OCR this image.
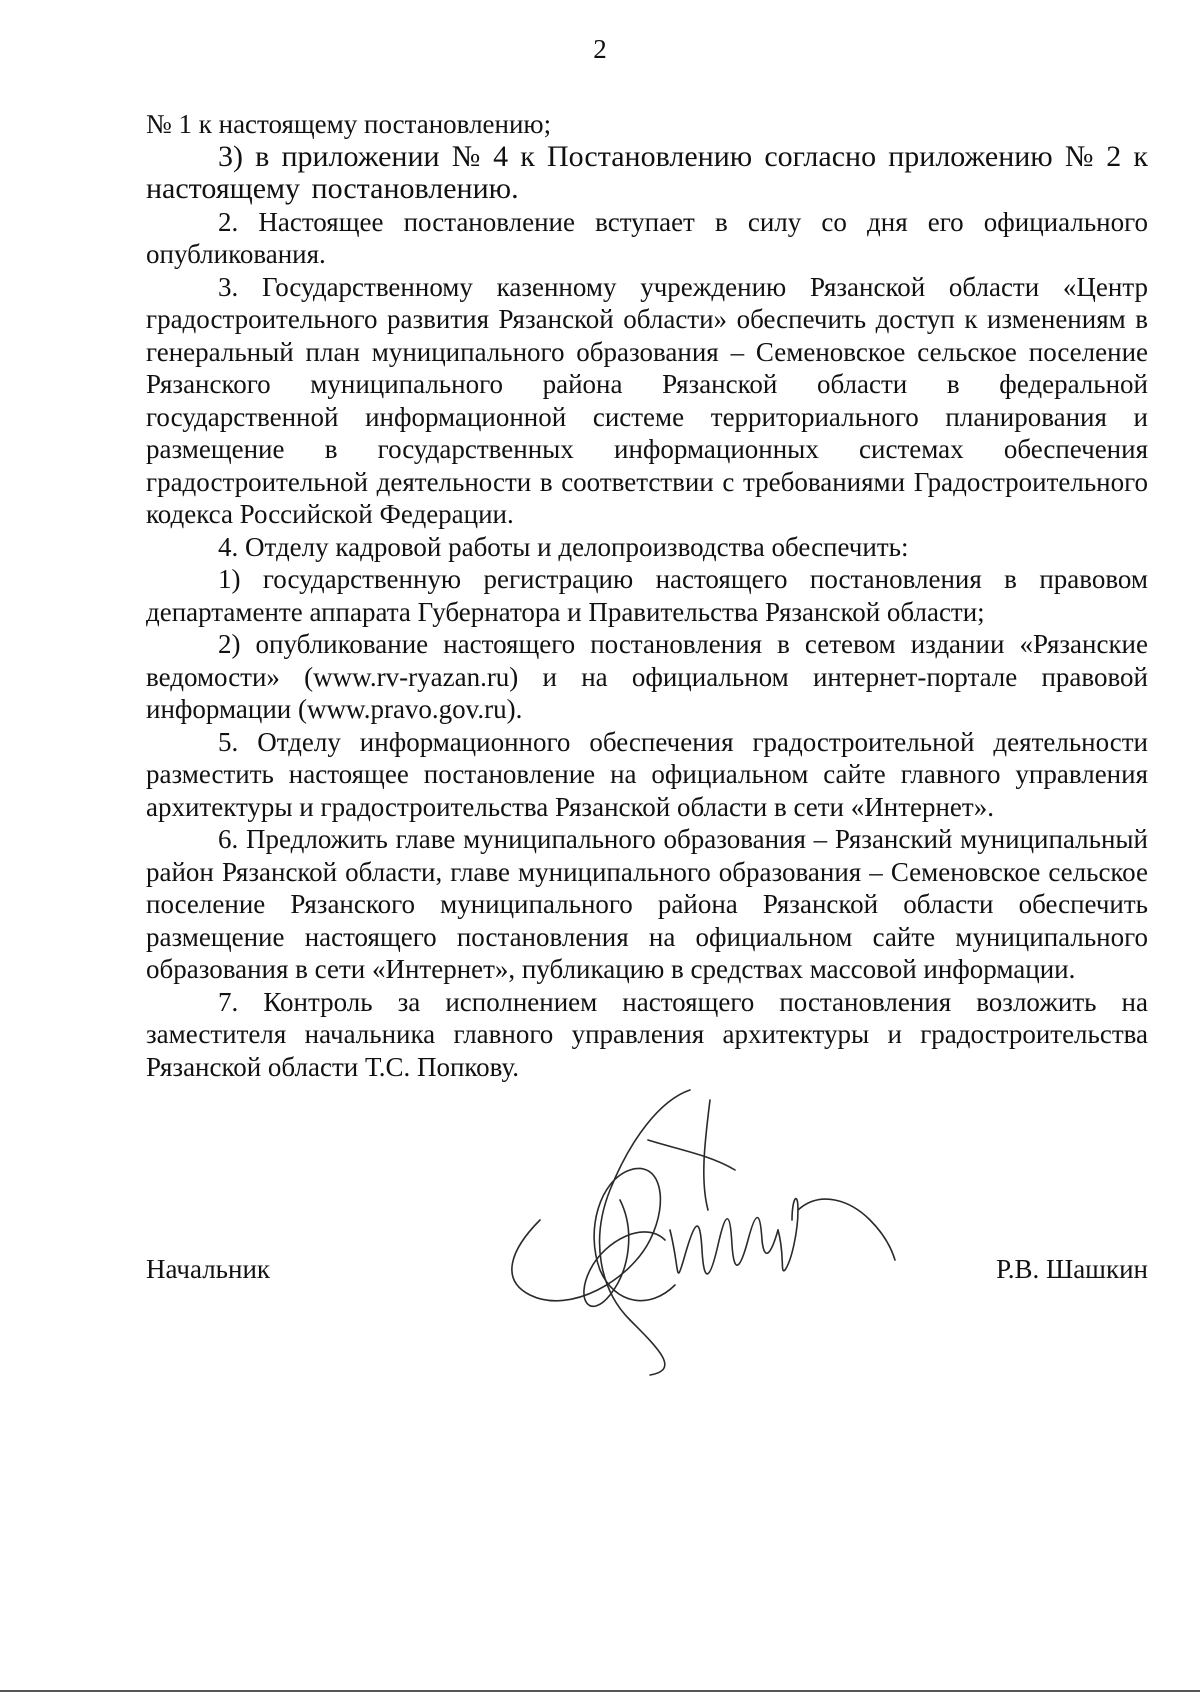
2

№ 1 к настоящему постановлению;

3) в приложении № 4 к Постановлению согласно приложению № 2 к настоящему постановлению.

2. Настоящее постановление вступает в силу со дня его официального опубликования.

3. Государственному казенному учреждению Рязанской области «Центр градостроительного развития Рязанской области» обеспечить доступ к изменениям в генеральный план муниципального образования – Семеновское сельское поселение Рязанского муниципального района Рязанской области в федеральной государственной информационной системе территориального планирования и размещение в государственных информационных системах обеспечения градостроительной деятельности в соответствии с требованиями Градостроительного кодекса Российской Федерации.

4. Отделу кадровой работы и делопроизводства обеспечить:

1) государственную регистрацию настоящего постановления в правовом департаменте аппарата Губернатора и Правительства Рязанской области;

2) опубликование настоящего постановления в сетевом издании «Рязанские ведомости» (www.rv-ryazan.ru) и на официальном интернет-портале правовой информации (www.pravo.gov.ru).

5. Отделу информационного обеспечения градостроительной деятельности разместить настоящее постановление на официальном сайте главного управления архитектуры и градостроительства Рязанской области в сети «Интернет».

6. Предложить главе муниципального образования – Рязанский муниципальный район Рязанской области, главе муниципального образования – Семеновское сельское поселение Рязанского муниципального района Рязанской области обеспечить размещение настоящего постановления на официальном сайте муниципального образования в сети «Интернет», публикацию в средствах массовой информации.

7. Контроль за исполнением настоящего постановления возложить на заместителя начальника главного управления архитектуры и градостроительства Рязанской области Т.С. Попкову.

Начальник	Р.В. Шашкин
